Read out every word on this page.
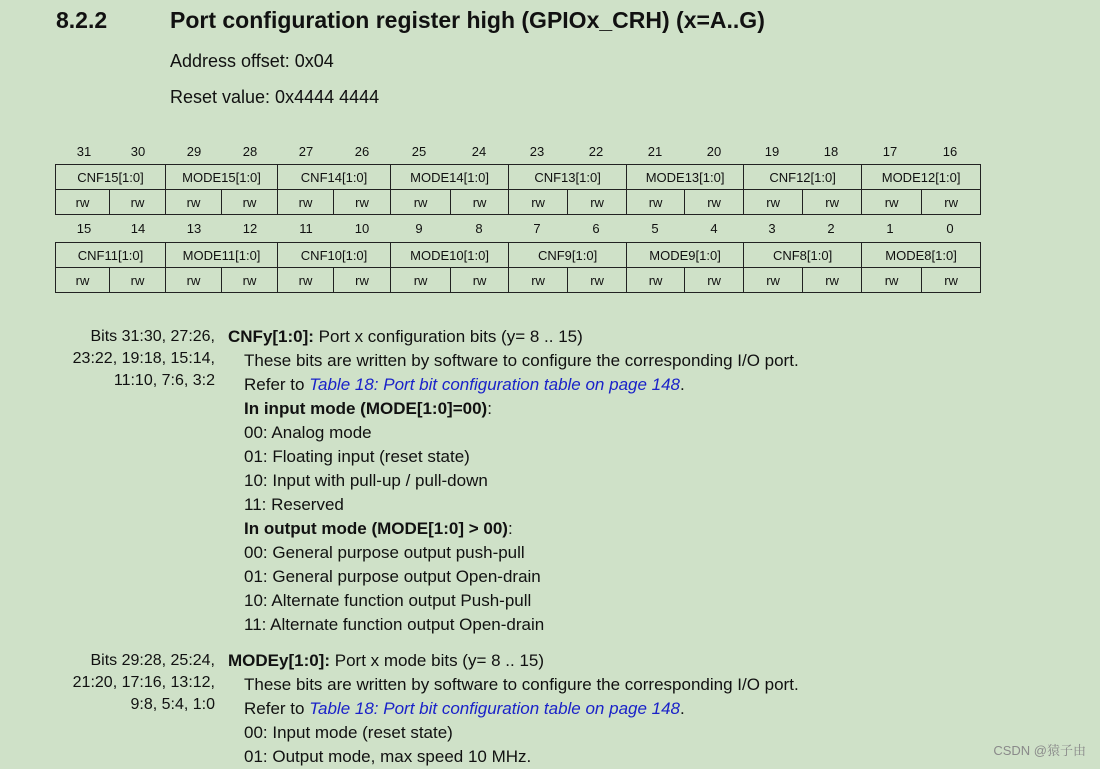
8.2.2	Port configuration register high (GPIOx_CRH) (x=A..G)
Address offset: 0x04
Reset value: 0x4444 4444
31	30	29	28	27	26	25	24	23	22	21	20	19	18	17	16
CNF15[1:0]		MODE15[1:0]		CNF14[1:0]		MODE14[1:0]		CNF13[1:0]		MODE13[1:0]		CNF12[1:0]		MODE12[1:0]	
rw	rw	rw	rw	rw	rw	rw	rw	rw	rw	rw	rw	rw	rw	rw	rw
15	14	13	12	11	10	9	8	7	6	5	4	3	2	1	0
CNF11[1:0]		MODE11[1:0]		CNF10[1:0]		MODE10[1:0]		CNF9[1:0]		MODE9[1:0]		CNF8[1:0]		MODE8[1:0]	
rw	rw	rw	rw	rw	rw	rw	rw	rw	rw	rw	rw	rw	rw	rw	rw
Bits 31:30, 27:26,
23:22, 19:18, 15:14,
11:10, 7:6, 3:2
CNFy[1:0]: Port x configuration bits (y= 8 .. 15)
These bits are written by software to configure the corresponding I/O port.
Refer to Table 18: Port bit configuration table on page 148.
In input mode (MODE[1:0]=00):
00: Analog mode
01: Floating input (reset state)
10: Input with pull-up / pull-down
11: Reserved
In output mode (MODE[1:0] > 00):
00: General purpose output push-pull
01: General purpose output Open-drain
10: Alternate function output Push-pull
11: Alternate function output Open-drain
Bits 29:28, 25:24,
21:20, 17:16, 13:12,
9:8, 5:4, 1:0
MODEy[1:0]: Port x mode bits (y= 8 .. 15)
These bits are written by software to configure the corresponding I/O port.
Refer to Table 18: Port bit configuration table on page 148.
00: Input mode (reset state)
01: Output mode, max speed 10 MHz.	CSDN @猿子由
